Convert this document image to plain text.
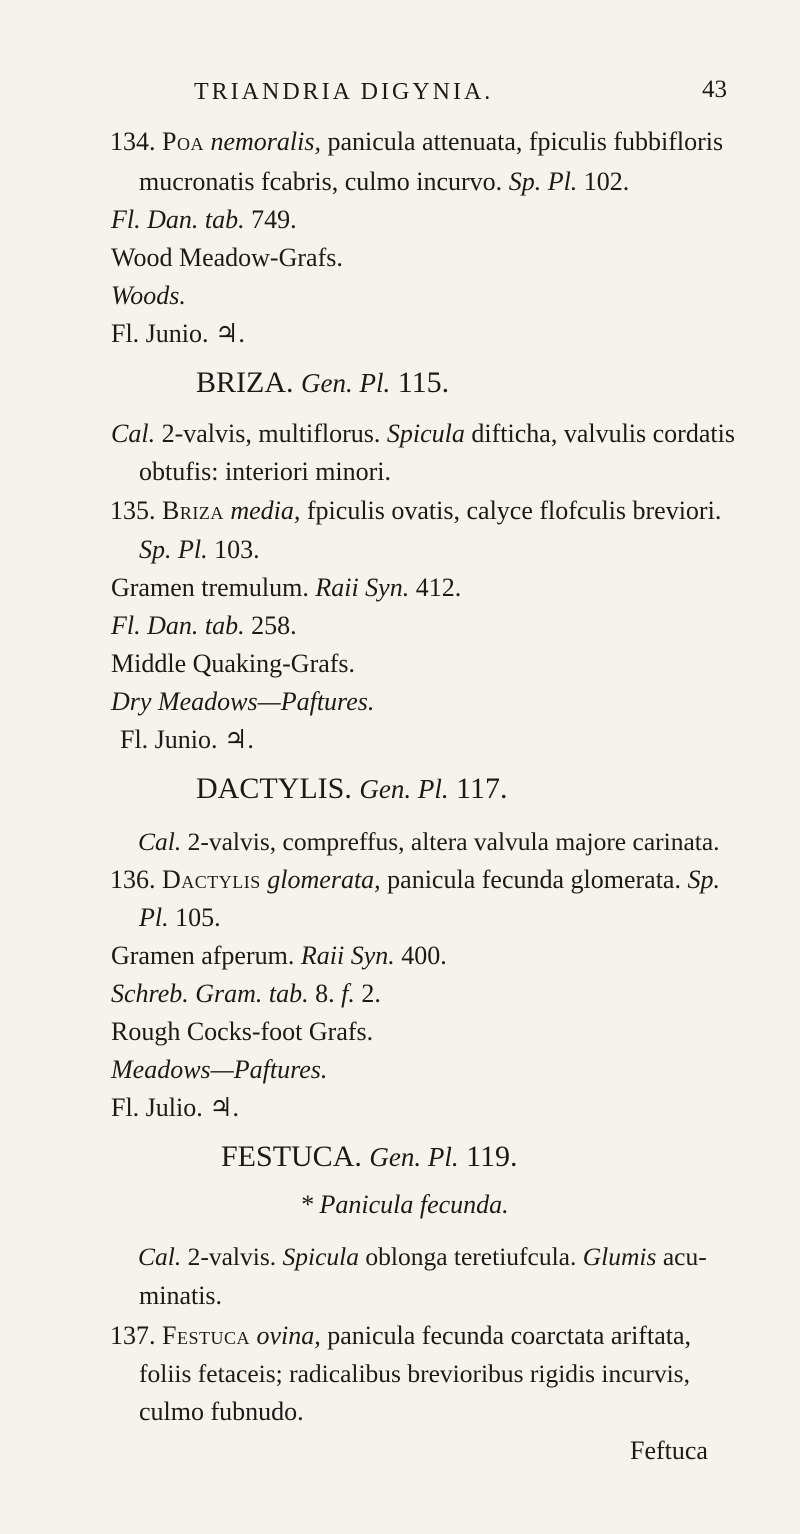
TRIANDRIA DIGYNIA.	43
134. Poa nemoralis, panicula attenuata, fpiculis fubbifloris
mucronatis fcabris, culmo incurvo. Sp. Pl. 102.
Fl. Dan. tab. 749.
Wood Meadow-Grafs.
Woods.
Fl. Junio. ♃.
BRIZA. Gen. Pl. 115.
Cal. 2-valvis, multiflorus. Spicula difticha, valvulis cordatis
obtufis: interiori minori.
135. Briza media, fpiculis ovatis, calyce flofculis breviori.
Sp. Pl. 103.
Gramen tremulum. Raii Syn. 412.
Fl. Dan. tab. 258.
Middle Quaking-Grafs.
Dry Meadows—Paftures.
Fl. Junio. ♃.
DACTYLIS. Gen. Pl. 117.
Cal. 2-valvis, compreffus, altera valvula majore carinata.
136. Dactylis glomerata, panicula fecunda glomerata. Sp.
Pl. 105.
Gramen afperum. Raii Syn. 400.
Schreb. Gram. tab. 8. f. 2.
Rough Cocks-foot Grafs.
Meadows—Paftures.
Fl. Julio. ♃.
FESTUCA. Gen. Pl. 119.
* Panicula fecunda.
Cal. 2-valvis. Spicula oblonga teretiufcula. Glumis acu-
minatis.
137. Festuca ovina, panicula fecunda coarctata ariftata,
foliis fetaceis; radicalibus brevioribus rigidis incurvis,
culmo fubnudo.
Feftuca
